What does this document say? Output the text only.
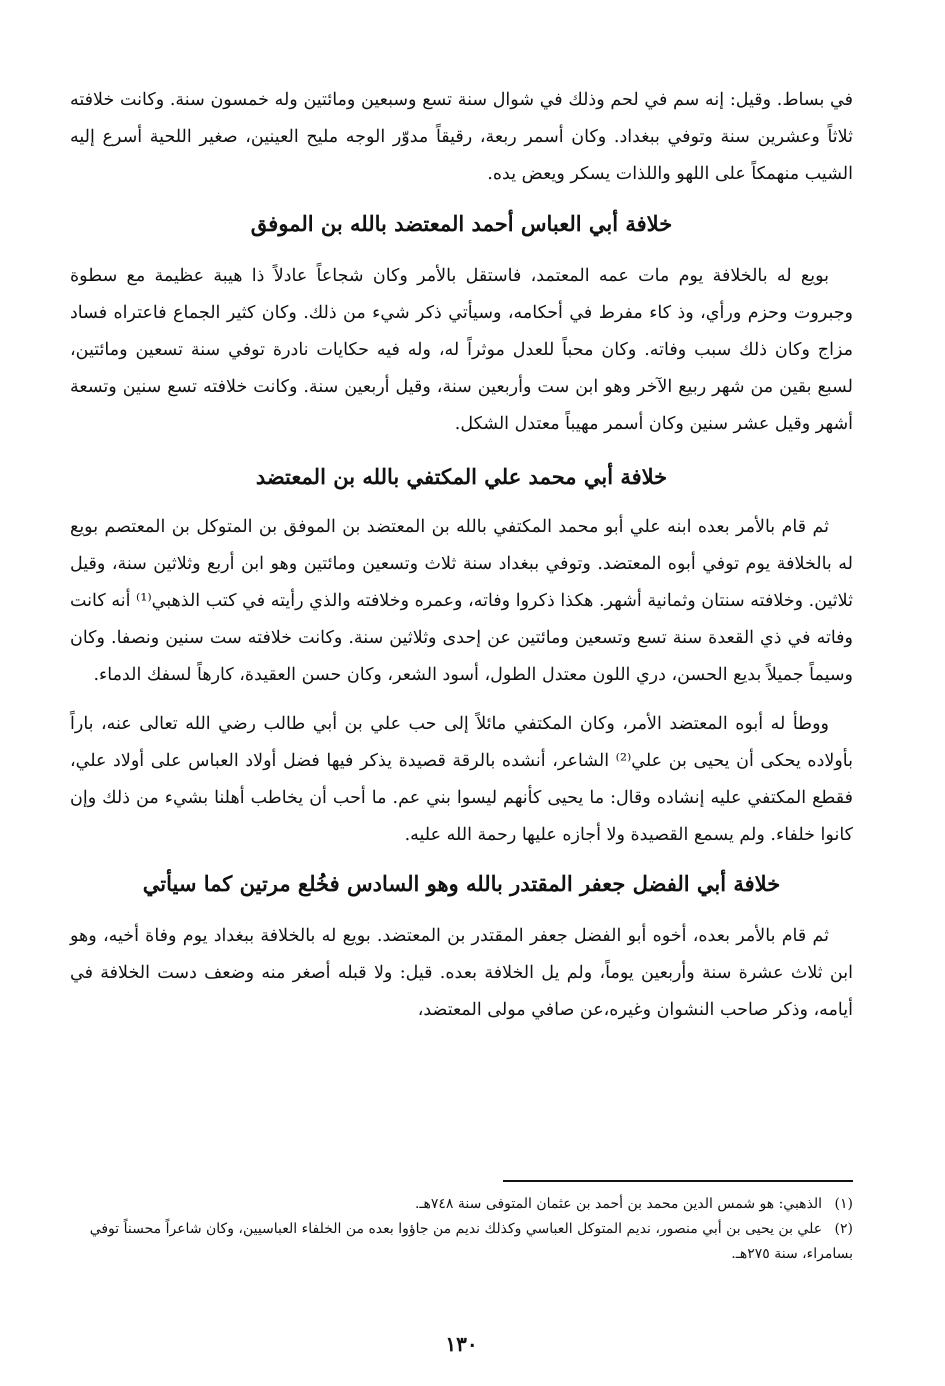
في بساط. وقيل: إنه سم في لحم وذلك في شوال سنة تسع وسبعين ومائتين وله خمسون سنة. وكانت خلافته ثلاثاً وعشرين سنة وتوفي ببغداد. وكان أسمر ربعة، رقيقاً مدوّر الوجه مليح العينين، صغير اللحية أسرع إليه الشيب منهمكاً على اللهو واللذات يسكر ويعض يده.

خلافة أبي العباس أحمد المعتضد بالله بن الموفق

بويع له بالخلافة يوم مات عمه المعتمد، فاستقل بالأمر وكان شجاعاً عادلاً ذا هيبة عظيمة مع سطوة وجبروت وحزم ورأي، وذ كاء مفرط في أحكامه، وسيأتي ذكر شيء من ذلك. وكان كثير الجماع فاعتراه فساد مزاج وكان ذلك سبب وفاته. وكان محباً للعدل موثراً له، وله فيه حكايات نادرة توفي سنة تسعين ومائتين، لسبع بقين من شهر ربيع الآخر وهو ابن ست وأربعين سنة، وقيل أربعين سنة. وكانت خلافته تسع سنين وتسعة أشهر وقيل عشر سنين وكان أسمر مهيباً معتدل الشكل.

خلافة أبي محمد علي المكتفي بالله بن المعتضد

ثم قام بالأمر بعده ابنه علي أبو محمد المكتفي بالله بن المعتضد بن الموفق بن المتوكل بن المعتصم بويع له بالخلافة يوم توفي أبوه المعتضد. وتوفي ببغداد سنة ثلاث وتسعين ومائتين وهو ابن أربع وثلاثين سنة، وقيل ثلاثين. وخلافته سنتان وثمانية أشهر. هكذا ذكروا وفاته، وعمره وخلافته والذي رأيته في كتب الذهبي⁽¹⁾ أنه كانت وفاته في ذي القعدة سنة تسع وتسعين ومائتين عن إحدى وثلاثين سنة. وكانت خلافته ست سنين ونصفا. وكان وسيماً جميلاً بديع الحسن، دري اللون معتدل الطول، أسود الشعر، وكان حسن العقيدة، كارهاً لسفك الدماء.

ووطأ له أبوه المعتضد الأمر، وكان المكتفي مائلاً إلى حب علي بن أبي طالب رضي الله تعالى عنه، باراً بأولاده يحكى أن يحيى بن علي⁽²⁾ الشاعر، أنشده بالرقة قصيدة يذكر فيها فضل أولاد العباس على أولاد علي، فقطع المكتفي عليه إنشاده وقال: ما يحيى كأنهم ليسوا بني عم. ما أحب أن يخاطب أهلنا بشيء من ذلك وإن كانوا خلفاء. ولم يسمع القصيدة ولا أجازه عليها رحمة الله عليه.

خلافة أبي الفضل جعفر المقتدر بالله وهو السادس فخُلع مرتين كما سيأتي

ثم قام بالأمر بعده، أخوه أبو الفضل جعفر المقتدر بن المعتضد. بويع له بالخلافة ببغداد يوم وفاة أخيه، وهو ابن ثلاث عشرة سنة وأربعين يوماً، ولم يل الخلافة بعده. قيل: ولا قبله أصغر منه وضعف دست الخلافة في أيامه، وذكر صاحب النشوان وغيره،عن صافي مولى المعتضد،

(١) الذهبي: هو شمس الدين محمد بن أحمد بن عثمان المتوفى سنة ٧٤٨هـ.

(٢) علي بن يحيى بن أبي منصور، نديم المتوكل العباسي وكذلك نديم من جاؤوا بعده من الخلفاء العباسيين، وكان شاعراً محسناً توفي بسامراء، سنة ٢٧٥هـ.

١٣٠
